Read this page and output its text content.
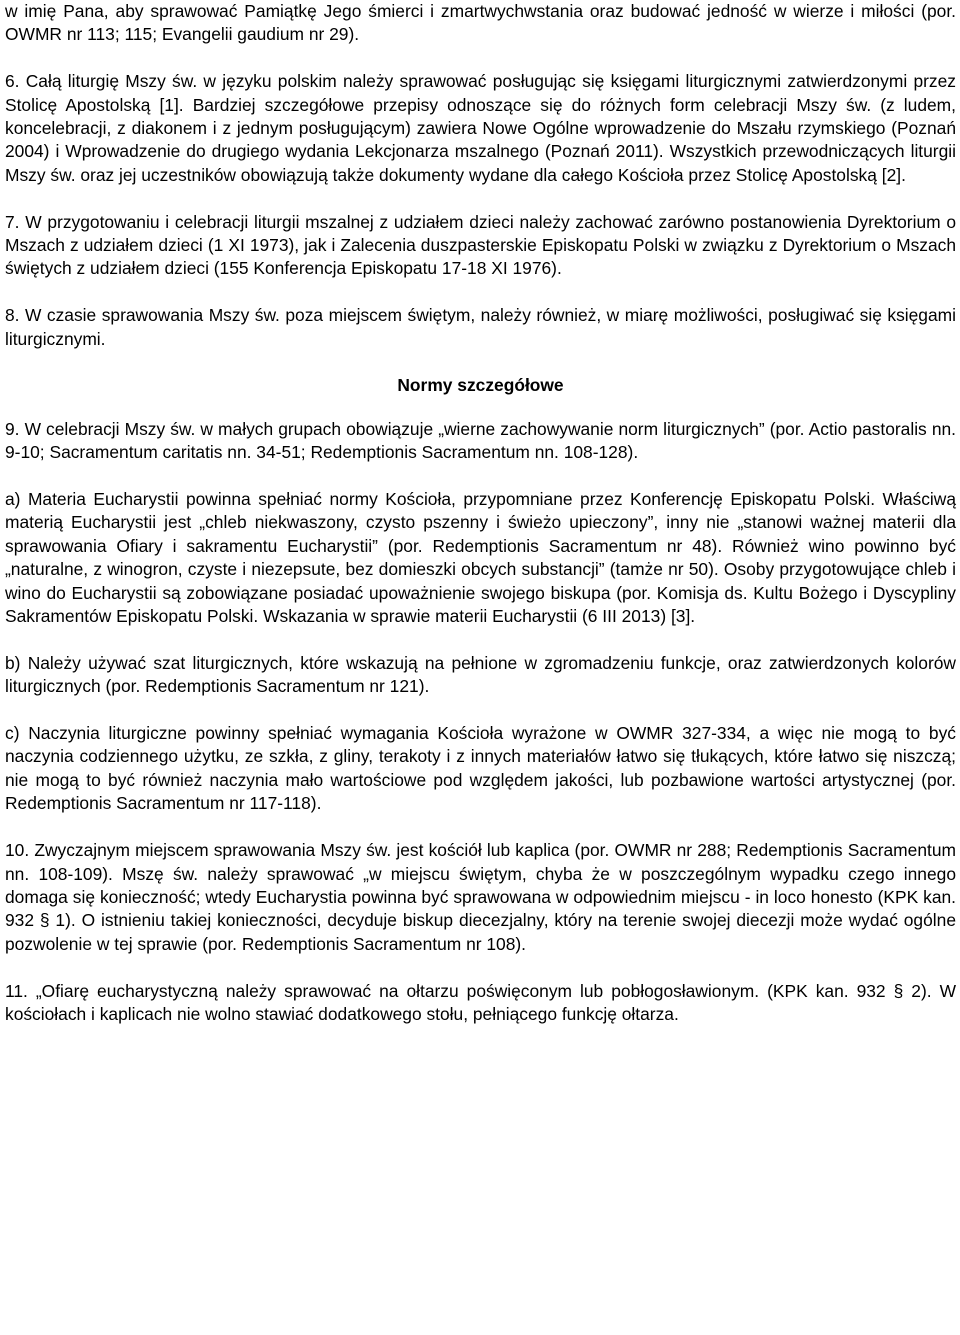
w imię Pana, aby sprawować Pamiątkę Jego śmierci i zmartwychwstania oraz budować jedność w wierze i miłości (por. OWMR nr 113; 115; Evangelii gaudium nr 29).

6. Całą liturgię Mszy św. w języku polskim należy sprawować posługując się księgami liturgicznymi zatwierdzonymi przez Stolicę Apostolską [1]. Bardziej szczegółowe przepisy odnoszące się do różnych form celebracji Mszy św. (z ludem, koncelebracji, z diakonem i z jednym posługującym) zawiera Nowe Ogólne wprowadzenie do Mszału rzymskiego (Poznań 2004) i Wprowadzenie do drugiego wydania Lekcjonarza mszalnego (Poznań 2011). Wszystkich przewodniczących liturgii Mszy św. oraz jej uczestników obowiązują także dokumenty wydane dla całego Kościoła przez Stolicę Apostolską [2].

7. W przygotowaniu i celebracji liturgii mszalnej z udziałem dzieci należy zachować zarówno postanowienia Dyrektorium o Mszach z udziałem dzieci (1 XI 1973), jak i Zalecenia duszpasterskie Episkopatu Polski w związku z Dyrektorium o Mszach świętych z udziałem dzieci (155 Konferencja Episkopatu 17-18 XI 1976).

8. W czasie sprawowania Mszy św. poza miejscem świętym, należy również, w miarę możliwości, posługiwać się księgami liturgicznymi.

Normy szczegółowe

9. W celebracji Mszy św. w małych grupach obowiązuje „wierne zachowywanie norm liturgicznych” (por. Actio pastoralis nn. 9-10; Sacramentum caritatis nn. 34-51; Redemptionis Sacramentum nn. 108-128).

a) Materia Eucharystii powinna spełniać normy Kościoła, przypomniane przez Konferencję Episkopatu Polski. Właściwą materią Eucharystii jest „chleb niekwaszony, czysto pszenny i świeżo upieczony”, inny nie „stanowi ważnej materii dla sprawowania Ofiary i sakramentu Eucharystii” (por. Redemptionis Sacramentum nr 48). Również wino powinno być „naturalne, z winogron, czyste i niezepsute, bez domieszki obcych substancji” (tamże nr 50). Osoby przygotowujące chleb i wino do Eucharystii są zobowiązane posiadać upoważnienie swojego biskupa (por. Komisja ds. Kultu Bożego i Dyscypliny Sakramentów Episkopatu Polski. Wskazania w sprawie materii Eucharystii (6 III 2013) [3].

b) Należy używać szat liturgicznych, które wskazują na pełnione w zgromadzeniu funkcje, oraz zatwierdzonych kolorów liturgicznych (por. Redemptionis Sacramentum nr 121).

c) Naczynia liturgiczne powinny spełniać wymagania Kościoła wyrażone w OWMR 327-334, a więc nie mogą to być naczynia codziennego użytku, ze szkła, z gliny, terakoty i z innych materiałów łatwo się tłukących, które łatwo się niszczą; nie mogą to być również naczynia mało wartościowe pod względem jakości, lub pozbawione wartości artystycznej (por. Redemptionis Sacramentum nr 117-118).

10. Zwyczajnym miejscem sprawowania Mszy św. jest kościół lub kaplica (por. OWMR nr 288; Redemptionis Sacramentum nn. 108-109). Mszę św. należy sprawować „w miejscu świętym, chyba że w poszczególnym wypadku czego innego domaga się konieczność; wtedy Eucharystia powinna być sprawowana w odpowiednim miejscu - in loco honesto (KPK kan. 932 § 1). O istnieniu takiej konieczności, decyduje biskup diecezjalny, który na terenie swojej diecezji może wydać ogólne pozwolenie w tej sprawie (por. Redemptionis Sacramentum nr 108).

11. „Ofiarę eucharystyczną należy sprawować na ołtarzu poświęconym lub pobłogosławionym. (KPK kan. 932 § 2). W kościołach i kaplicach nie wolno stawiać dodatkowego stołu, pełniącego funkcję ołtarza.
